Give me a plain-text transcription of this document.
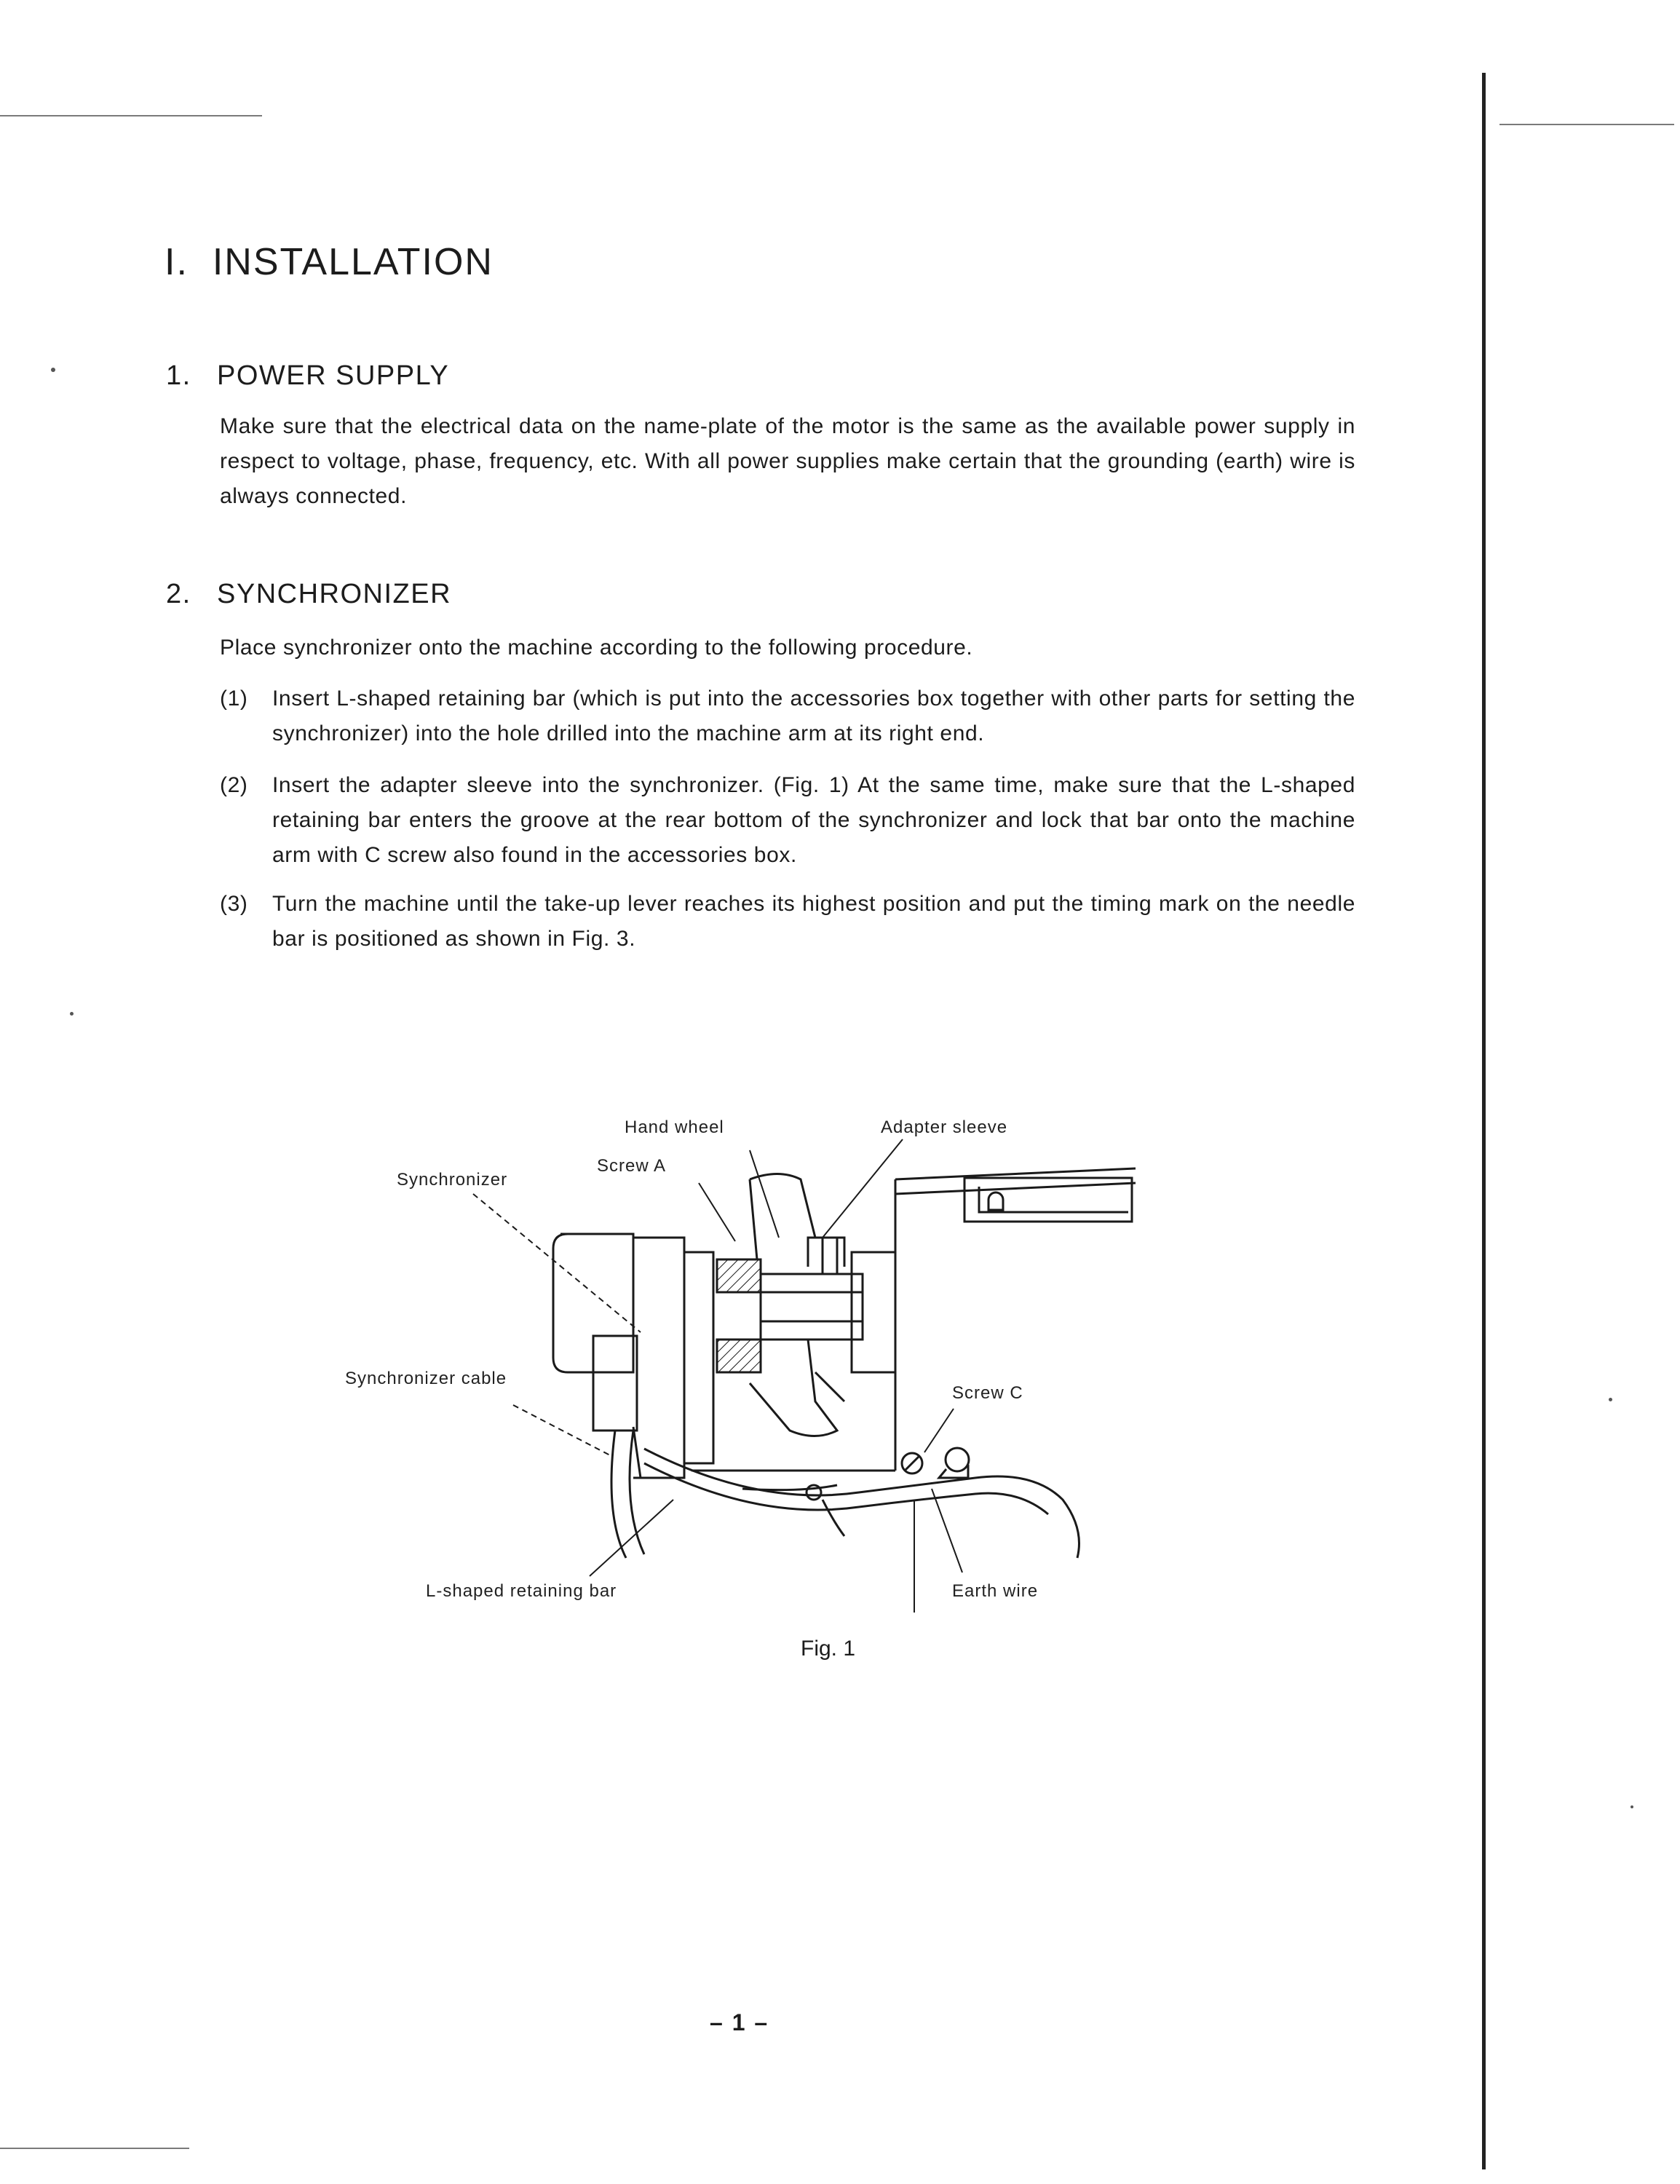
I. INSTALLATION
1. POWER SUPPLY
Make sure that the electrical data on the name-plate of the motor is the same as the available power supply in respect to voltage, phase, frequency, etc. With all power supplies make certain that the grounding (earth) wire is always connected.
2. SYNCHRONIZER
Place synchronizer onto the machine according to the following procedure.
(1)	Insert L-shaped retaining bar (which is put into the accessories box together with other parts for setting the synchronizer) into the hole drilled into the machine arm at its right end.
(2)	Insert the adapter sleeve into the synchronizer. (Fig. 1) At the same time, make sure that the L-shaped retaining bar enters the groove at the rear bottom of the synchronizer and lock that bar onto the machine arm with C screw also found in the accessories box.
(3)	Turn the machine until the take-up lever reaches its highest position and put the timing mark on the needle bar is positioned as shown in Fig. 3.
Hand wheel	Adapter sleeve
Screw A
Synchronizer
Synchronizer cable
Screw C
L-shaped retaining bar	Earth wire
Fig. 1
– 1 –
